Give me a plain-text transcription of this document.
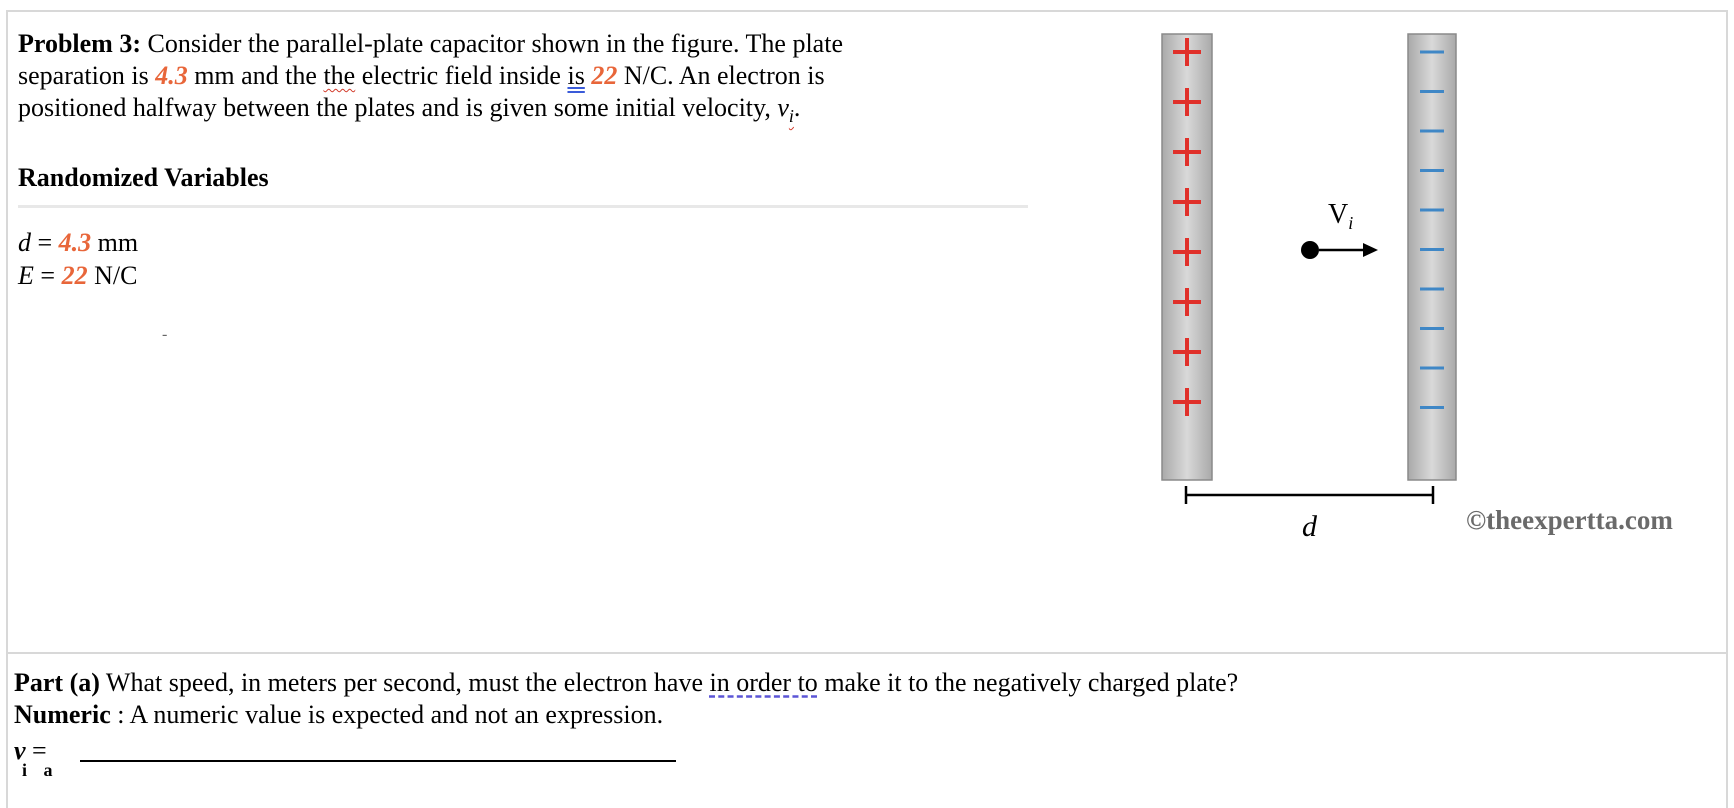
Problem 3: Consider the parallel-plate capacitor shown in the figure. The plate

separation is 4.3 mm and the the electric field inside is 22 N/C. An electron is

positioned halfway between the plates and is given some initial velocity, $v_i$.

Randomized Variables
d = 4.3 mm
E = 22 N/C
-
$V_i$
d	©theexpertta.com

Part (a) What speed, in meters per second, must the electron have in order to make it to the negatively charged plate?

Numeric : A numeric value is expected and not an expression.

v =
i a
